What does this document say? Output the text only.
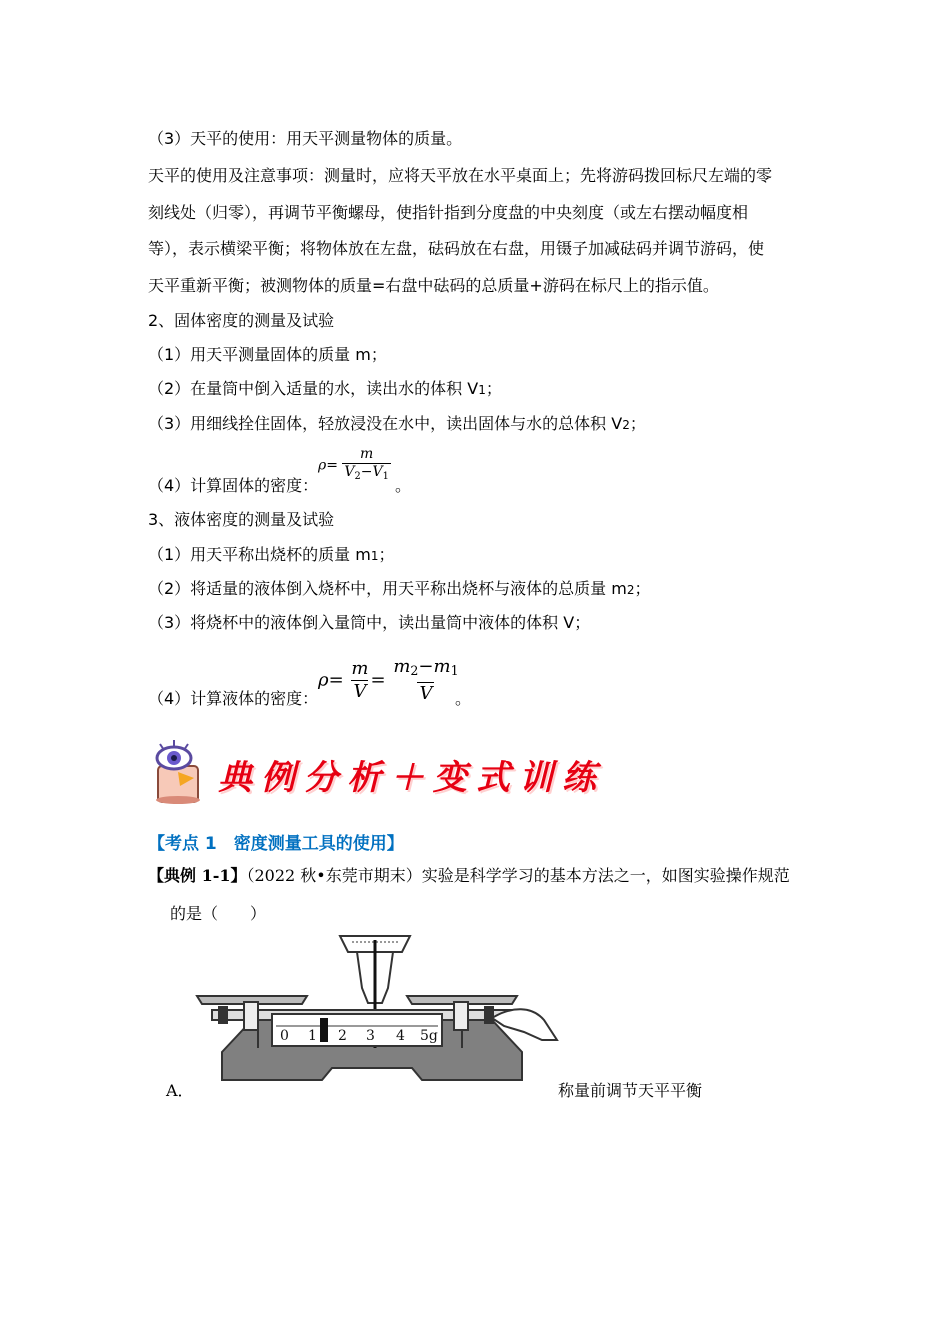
（3）天平的使用：用天平测量物体的质量。
天平的使用及注意事项：测量时，应将天平放在水平桌面上；先将游码拨回标尺左端的零
刻线处（归零），再调节平衡螺母，使指针指到分度盘的中央刻度（或左右摆动幅度相
等），表示横梁平衡；将物体放在左盘，砝码放在右盘，用镊子加减砝码并调节游码，使
天平重新平衡；被测物体的质量=右盘中砝码的总质量+游码在标尺上的指示值。
2、固体密度的测量及试验
（1）用天平测量固体的质量 m；
（2）在量筒中倒入适量的水，读出水的体积 V1；
（3）用细线拴住固体，轻放浸没在水中，读出固体与水的总体积 V2；
（4）计算固体的密度：
$\rho= \frac{m}{V_2-V_1}$
。
3、液体密度的测量及试验
（1）用天平称出烧杯的质量 m1；
（2）将适量的液体倒入烧杯中，用天平称出烧杯与液体的总质量 m2；
（3）将烧杯中的液体倒入量筒中，读出量筒中液体的体积 V；
（4）计算液体的密度：
$\rho= \frac{m}{V} = \frac{m_2-m_1}{V}$
。
典例分析＋变式训练
【考点 1　密度测量工具的使用】
【典例 1-1】（2022 秋•东莞市期末）实验是科学学习的基本方法之一，如图实验操作规范
的是（　　）
0 1 2 3 4 5g
A．	称量前调节天平平衡
